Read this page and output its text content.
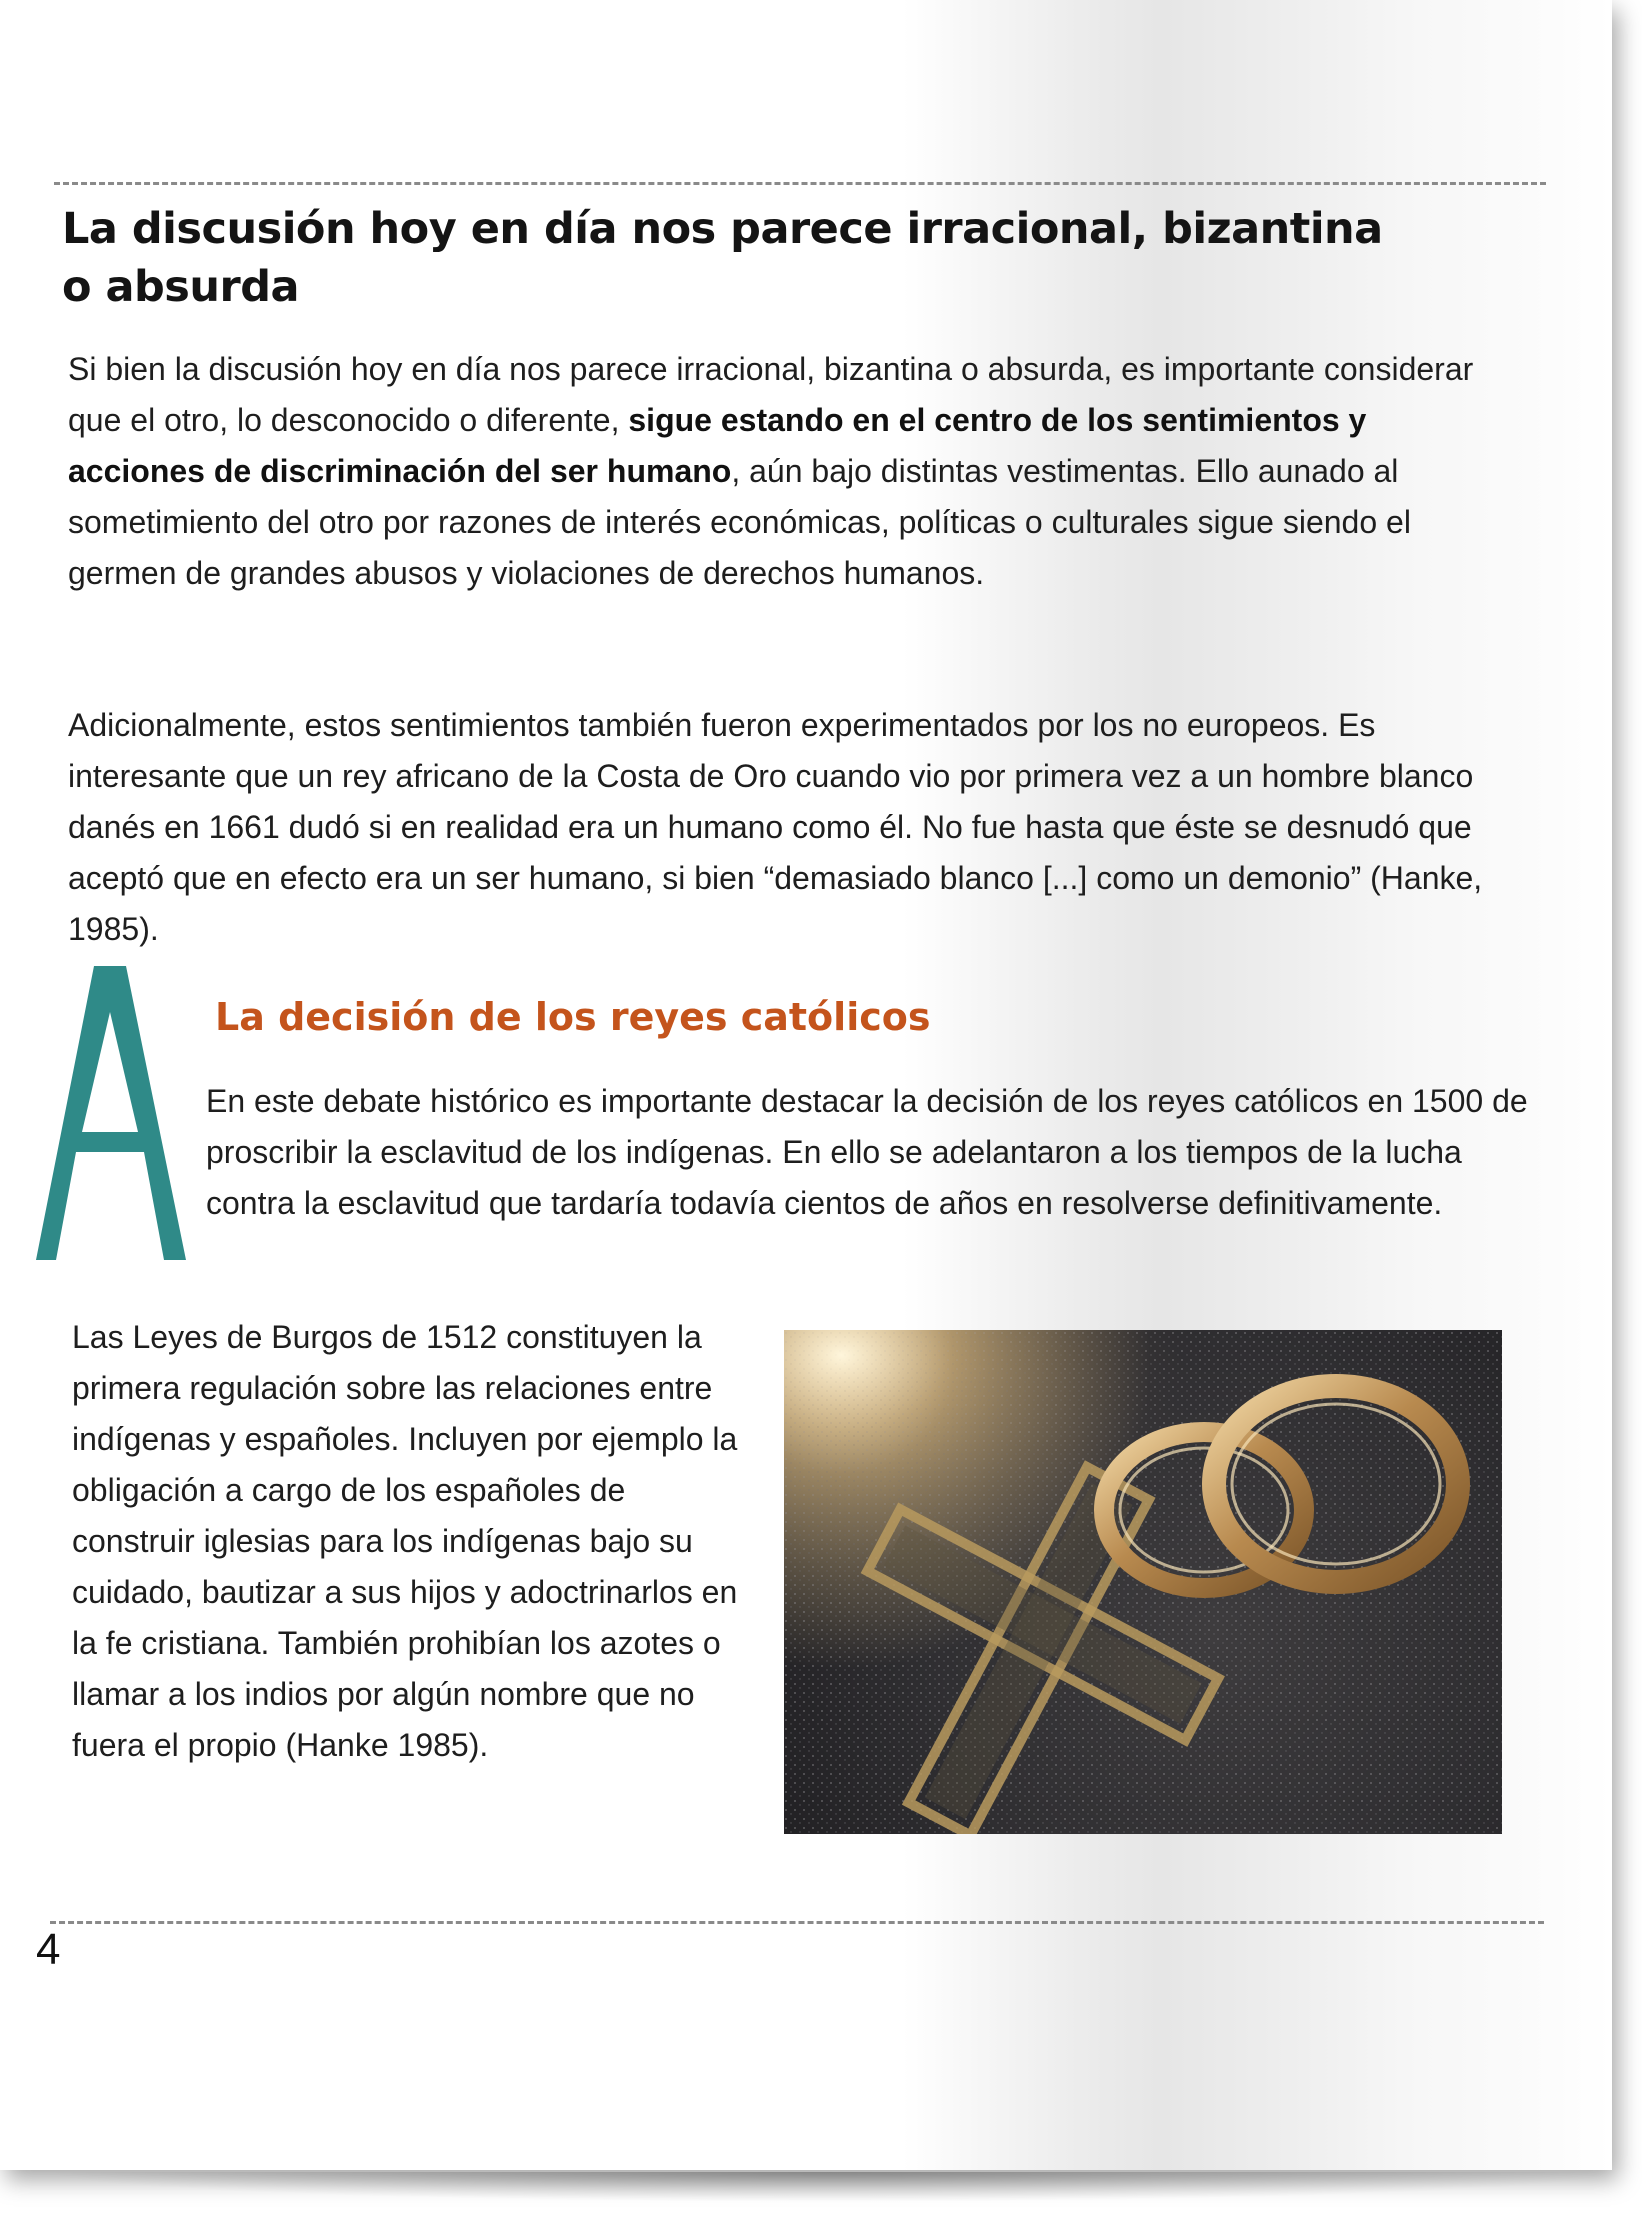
La discusión hoy en día nos parece irracional, bizantina o absurda

Si bien la discusión hoy en día nos parece irracional, bizantina o absurda, es importante considerar que el otro, lo desconocido o diferente, sigue estando en el centro de los sentimientos y acciones de discriminación del ser humano, aún bajo distintas vestimentas. Ello aunado al sometimiento del otro por razones de interés económicas, políticas o culturales sigue siendo el germen de grandes abusos y violaciones de derechos humanos.

Adicionalmente, estos sentimientos también fueron experimentados por los no europeos. Es interesante que un rey africano de la Costa de Oro cuando vio por primera vez a un hombre blanco danés en 1661 dudó si en realidad era un humano como él. No fue hasta que éste se desnudó que aceptó que en efecto era un ser humano, si bien “demasiado blanco [...] como un demonio” (Hanke, 1985).

La decisión de los reyes católicos

En este debate histórico es importante destacar la decisión de los reyes católicos en 1500 de proscribir la esclavitud de los indígenas. En ello se adelantaron a los tiempos de la lucha contra la esclavitud que tardaría todavía cientos de años en resolverse definitivamente.

Las Leyes de Burgos de 1512 constituyen la primera regulación sobre las relaciones entre indígenas y españoles. Incluyen por ejemplo la obligación a cargo de los españoles de construir iglesias para los indígenas bajo su cuidado, bautizar a sus hijos y adoctrinarlos en la fe cristiana. También prohibían los azotes o llamar a los indios por algún nombre que no fuera el propio (Hanke 1985).

4
